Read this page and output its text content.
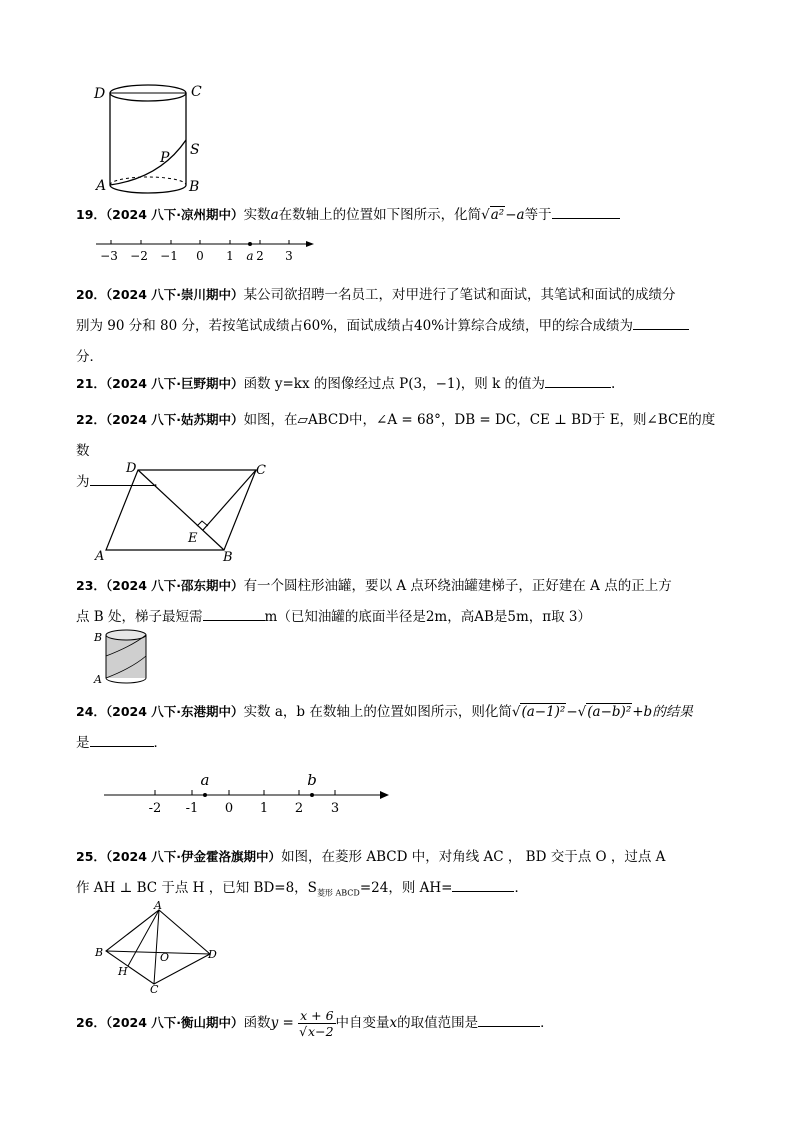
D	C
S
P
A	B
19．（2024 八下·凉州期中）实数a在数轴上的位置如下图所示，化简√a²−a等于
−3 −2 −1 0 1 a 2 3
20．（2024 八下·崇川期中）某公司欲招聘一名员工，对甲进行了笔试和面试，其笔试和面试的成绩分
别为 90 分和 80 分，若按笔试成绩占60%，面试成绩占40%计算综合成绩，甲的综合成绩为
分．
21．（2024 八下·巨野期中）函数 y=kx 的图像经过点 P(3，−1)，则 k 的值为	.
22．（2024 八下·姑苏期中）如图，在▱ABCD中，∠A = 68°，DB = DC，CE ⊥ BD于 E，则∠BCE的度数
为	．
D	C
A	B
E
23．（2024 八下·邵东期中）有一个圆柱形油罐，要以 A 点环绕油罐建梯子，正好建在 A 点的正上方
点 B 处，梯子最短需	m（已知油罐的底面半径是2m，高AB是5m，π取 3）
B
A
24．（2024 八下·东港期中）实数 a，b 在数轴上的位置如图所示，则化简√(a−1)²−√(a−b)²+b的结果
是	．
a	b
-2 -1 0 1 2 3
25．（2024 八下·伊金霍洛旗期中）如图，在菱形 ABCD 中，对角线 AC ， BD 交于点 O ，过点 A
作 AH ⊥ BC 于点 H ，已知 BD=8，$S_{菱形 ABCD}=24$，则 AH=	．
A
B	D
O
H
C
26．（2024 八下·衡山期中）函数$y = \frac{x + 6}{√x-2}$ 中自变量x的取值范围是	．
